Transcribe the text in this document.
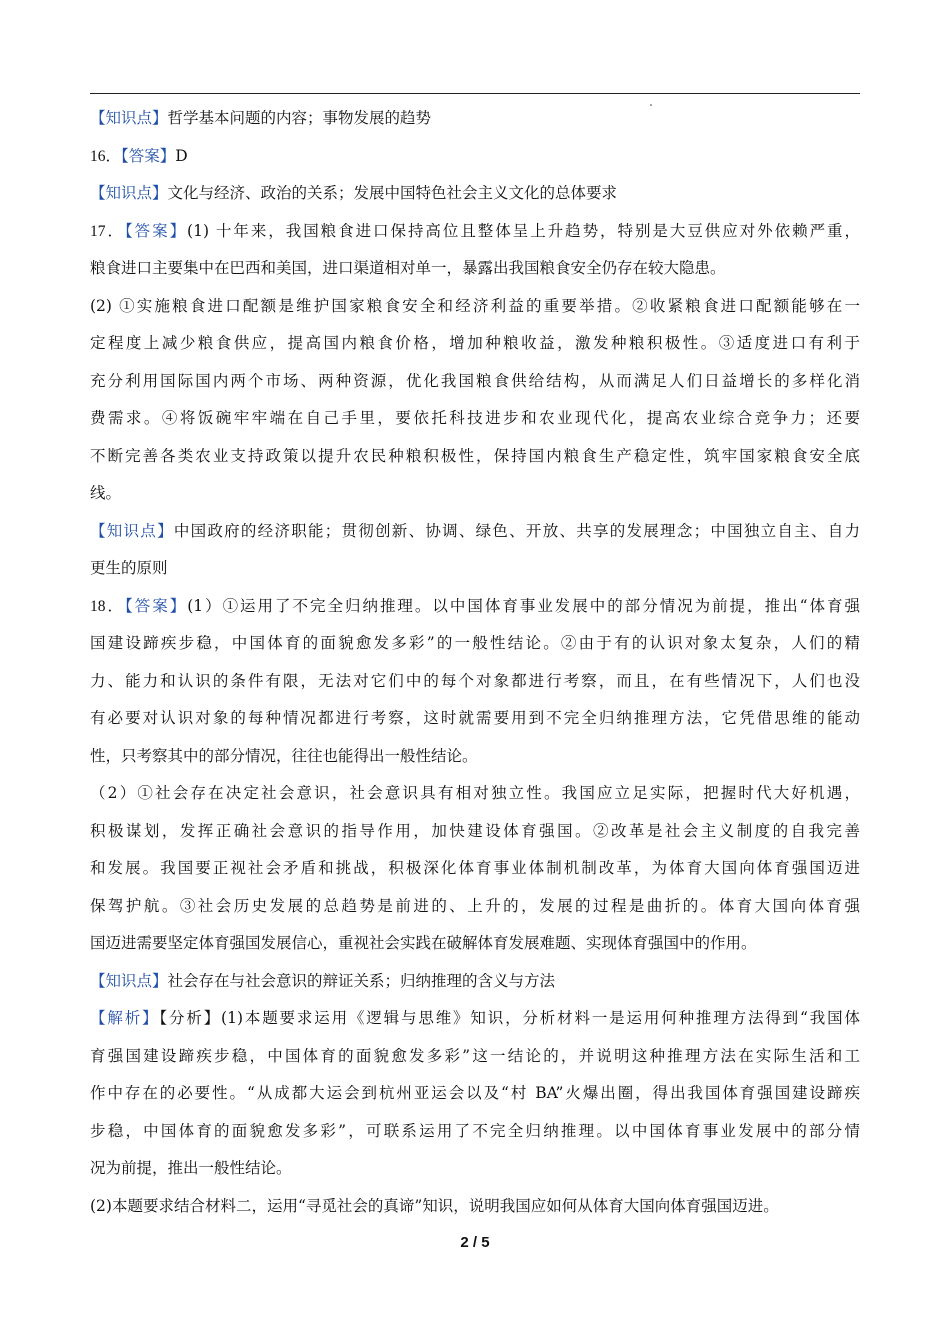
【知识点】哲学基本问题的内容；事物发展的趋势
16．【答案】D
【知识点】文化与经济、政治的关系；发展中国特色社会主义文化的总体要求
17．【答案】(1) 十年来，我国粮食进口保持高位且整体呈上升趋势，特别是大豆供应对外依赖严重，
粮食进口主要集中在巴西和美国，进口渠道相对单一，暴露出我国粮食安全仍存在较大隐患。
(2) ①实施粮食进口配额是维护国家粮食安全和经济利益的重要举措。②收紧粮食进口配额能够在一
定程度上减少粮食供应，提高国内粮食价格，增加种粮收益，激发种粮积极性。③适度进口有利于
充分利用国际国内两个市场、两种资源，优化我国粮食供给结构，从而满足人们日益增长的多样化消
费需求。④将饭碗牢牢端在自己手里，要依托科技进步和农业现代化，提高农业综合竞争力；还要
不断完善各类农业支持政策以提升农民种粮积极性，保持国内粮食生产稳定性，筑牢国家粮食安全底
线。
【知识点】中国政府的经济职能；贯彻创新、协调、绿色、开放、共享的发展理念；中国独立自主、自力
更生的原则
18．【答案】(1）①运用了不完全归纳推理。以中国体育事业发展中的部分情况为前提，推出“体育强
国建设蹄疾步稳，中国体育的面貌愈发多彩”的一般性结论。②由于有的认识对象太复杂，人们的精
力、能力和认识的条件有限，无法对它们中的每个对象都进行考察，而且，在有些情况下，人们也没
有必要对认识对象的每种情况都进行考察，这时就需要用到不完全归纳推理方法，它凭借思维的能动
性，只考察其中的部分情况，往往也能得出一般性结论。
（2）①社会存在决定社会意识，社会意识具有相对独立性。我国应立足实际，把握时代大好机遇，
积极谋划，发挥正确社会意识的指导作用，加快建设体育强国。②改革是社会主义制度的自我完善
和发展。我国要正视社会矛盾和挑战，积极深化体育事业体制机制改革，为体育大国向体育强国迈进
保驾护航。③社会历史发展的总趋势是前进的、上升的，发展的过程是曲折的。体育大国向体育强
国迈进需要坚定体育强国发展信心，重视社会实践在破解体育发展难题、实现体育强国中的作用。
【知识点】社会存在与社会意识的辩证关系；归纳推理的含义与方法
【解析】【分析】(1)本题要求运用《逻辑与思维》知识，分析材料一是运用何种推理方法得到“我国体
育强国建设蹄疾步稳，中国体育的面貌愈发多彩”这一结论的，并说明这种推理方法在实际生活和工
作中存在的必要性。“从成都大运会到杭州亚运会以及“村 BA”火爆出圈，得出我国体育强国建设蹄疾
步稳，中国体育的面貌愈发多彩”，可联系运用了不完全归纳推理。以中国体育事业发展中的部分情
况为前提，推出一般性结论。
(2)本题要求结合材料二，运用“寻觅社会的真谛”知识，说明我国应如何从体育大国向体育强国迈进。
2 / 5
